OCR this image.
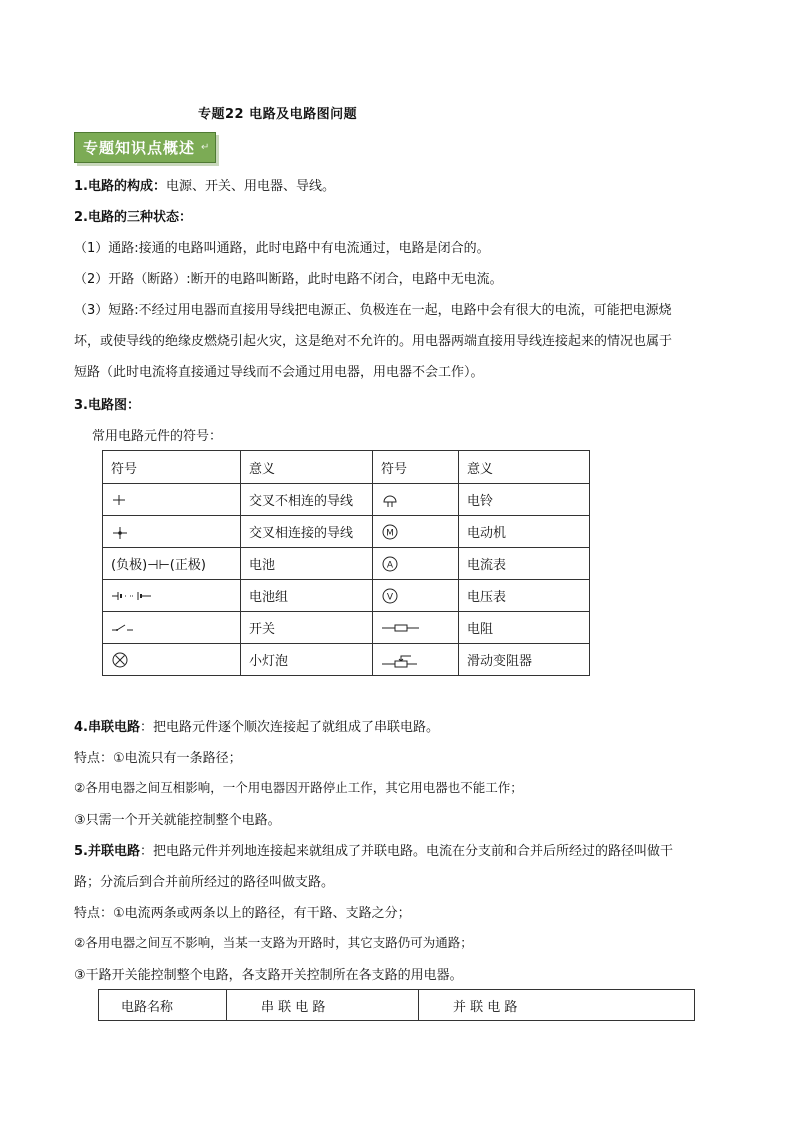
专题22 电路及电路图问题
专题知识点概述 ↵
1.电路的构成：电源、开关、用电器、导线。
2.电路的三种状态：
（1）通路:接通的电路叫通路，此时电路中有电流通过，电路是闭合的。
（2）开路（断路）:断开的电路叫断路，此时电路不闭合，电路中无电流。
（3）短路:不经过用电器而直接用导线把电源正、负极连在一起，电路中会有很大的电流，可能把电源烧
坏，或使导线的绝缘皮燃烧引起火灾，这是绝对不允许的。用电器两端直接用导线连接起来的情况也属于
短路（此时电流将直接通过导线而不会通过用电器，用电器不会工作）。
3.电路图：
常用电路元件的符号：
符号	意义	符号	意义

	交叉不相连的导线		电铃

	交叉相连接的导线	M	电动机
(负极)⊣⊢(正极)	电池	A	电流表

	电池组	V	电压表

	开关		电阻

	小灯泡		滑动变阻器
4.串联电路：把电路元件逐个顺次连接起了就组成了串联电路。
特点：①电流只有一条路径；
②各用电器之间互相影响，一个用电器因开路停止工作，其它用电器也不能工作；
③只需一个开关就能控制整个电路。
5.并联电路：把电路元件并列地连接起来就组成了并联电路。电流在分支前和合并后所经过的路径叫做干
路；分流后到合并前所经过的路径叫做支路。
特点：①电流两条或两条以上的路径，有干路、支路之分；
②各用电器之间互不影响，当某一支路为开路时，其它支路仍可为通路；
③干路开关能控制整个电路，各支路开关控制所在各支路的用电器。
电路名称	串 联 电 路	并 联 电 路
